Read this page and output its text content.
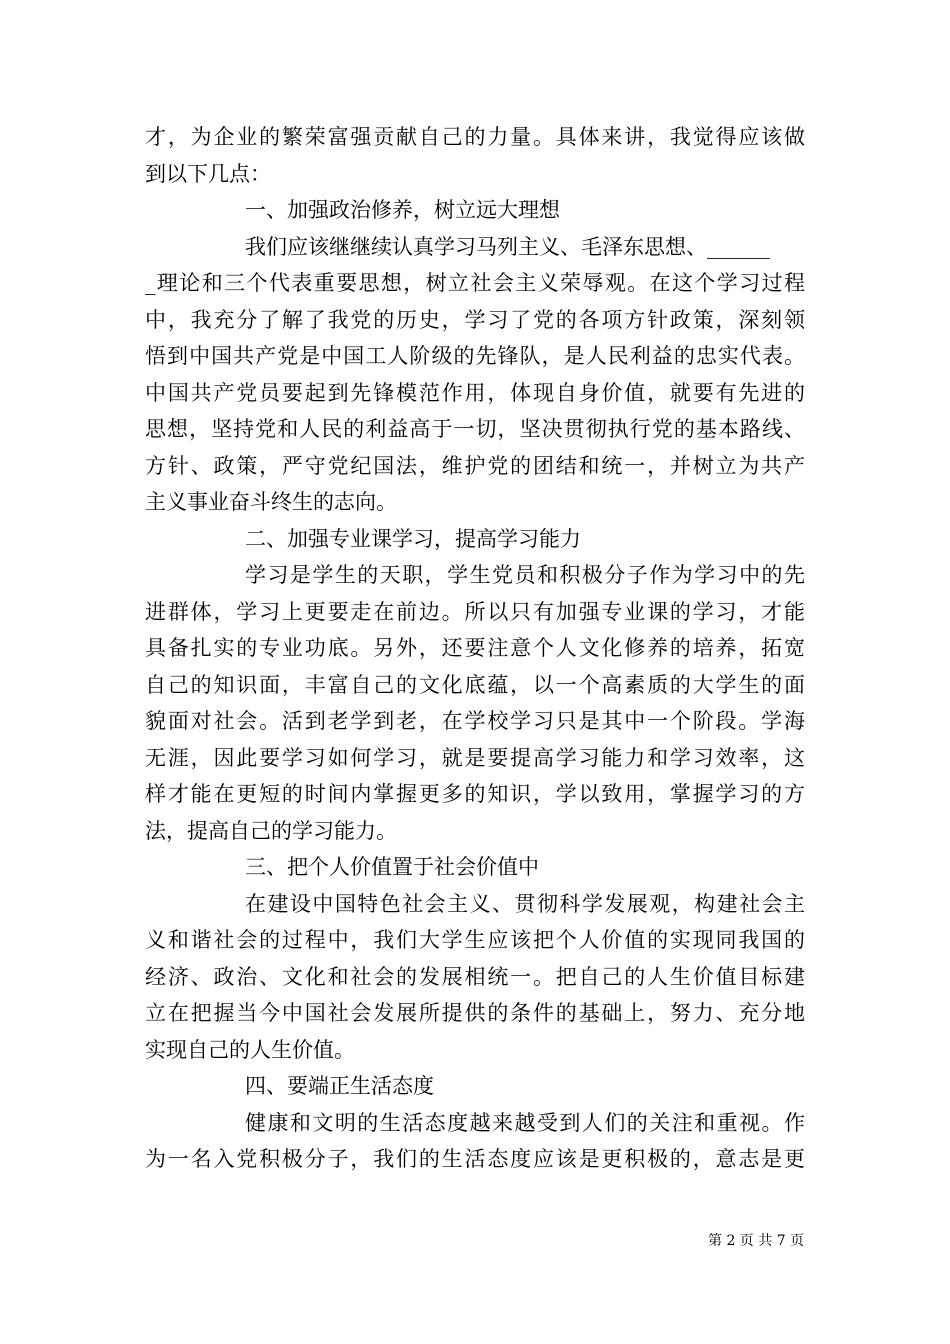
才，为企业的繁荣富强贡献自己的力量。具体来讲，我觉得应该做
到以下几点：
一、加强政治修养，树立远大理想
我们应该继继续认真学习马列主义、毛泽东思想、______
_理论和三个代表重要思想，树立社会主义荣辱观。在这个学习过程
中，我充分了解了我党的历史，学习了党的各项方针政策，深刻领
悟到中国共产党是中国工人阶级的先锋队，是人民利益的忠实代表。
中国共产党员要起到先锋模范作用，体现自身价值，就要有先进的
思想，坚持党和人民的利益高于一切，坚决贯彻执行党的基本路线、
方针、政策，严守党纪国法，维护党的团结和统一，并树立为共产
主义事业奋斗终生的志向。
二、加强专业课学习，提高学习能力
学习是学生的天职，学生党员和积极分子作为学习中的先
进群体，学习上更要走在前边。所以只有加强专业课的学习，才能
具备扎实的专业功底。另外，还要注意个人文化修养的培养，拓宽
自己的知识面，丰富自己的文化底蕴，以一个高素质的大学生的面
貌面对社会。活到老学到老，在学校学习只是其中一个阶段。学海
无涯，因此要学习如何学习，就是要提高学习能力和学习效率，这
样才能在更短的时间内掌握更多的知识，学以致用，掌握学习的方
法，提高自己的学习能力。
三、把个人价值置于社会价值中
在建设中国特色社会主义、贯彻科学发展观，构建社会主
义和谐社会的过程中，我们大学生应该把个人价值的实现同我国的
经济、政治、文化和社会的发展相统一。把自己的人生价值目标建
立在把握当今中国社会发展所提供的条件的基础上，努力、充分地
实现自己的人生价值。
四、要端正生活态度
健康和文明的生活态度越来越受到人们的关注和重视。作
为一名入党积极分子，我们的生活态度应该是更积极的，意志是更
第 2 页 共 7 页
